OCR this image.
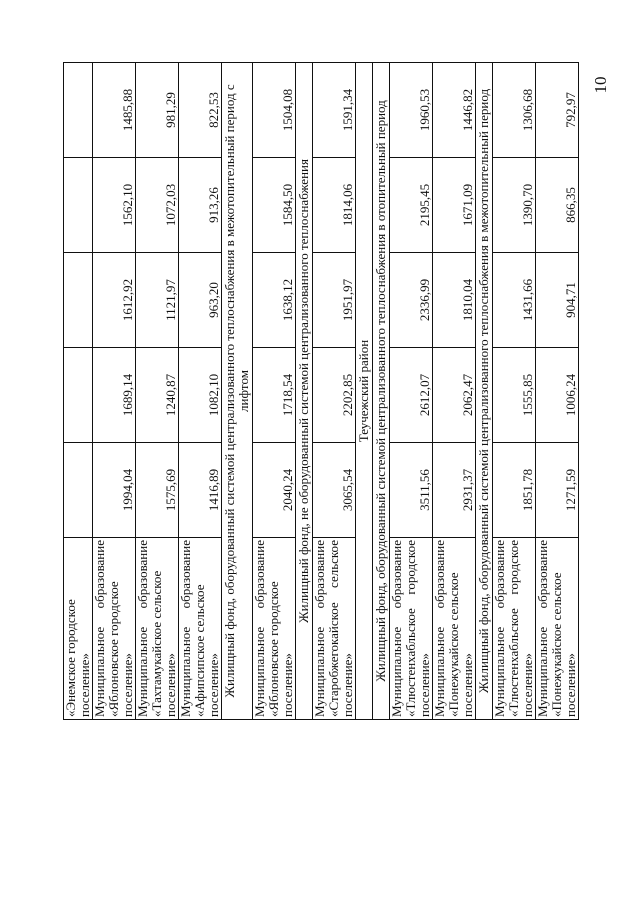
10
«Энемское городское поселение»					

Муниципальное
образование
«Яблоновское городское поселение»	1994,04	1689,14	1612,92	1562,10	1485,88

Муниципальное
образование «Тахтамукайское сельское поселение»	1575,69	1240,87	1121,97	1072,03	981,29

Муниципальное
образование
«Афипсипское сельское поселение»	1416,89	1082,10	963,20	913,26	822,53
Жилищный фонд, оборудованный системой централизованного теплоснабжения в межотопительный период с лифтом					

Муниципальное
образование
«Яблоновское городское поселение»	2040,24	1718,54	1638,12	1584,50	1504,08
Жилищный фонд, не оборудованный системой централизованного теплоснабжения					

Муниципальное
образование
«Старобжегокайское
сельское
поселение»	3065,54	2202,85	1951,97	1814,06	1591,34
Теучежский район					
Жилищный фонд, оборудованный системой централизованного теплоснабжения в отопительный период					

Муниципальное
образование
«Тлюстенхабльское
городское
поселение»	3511,56	2612,07	2336,99	2195,45	1960,53

Муниципальное
образование «Понежукайское сельское поселение»	2931,37	2062,47	1810,04	1671,09	1446,82
Жилищный фонд, оборудованный системой централизованного теплоснабжения в межотопительный период					

Муниципальное
образование
«Тлюстенхабльское
городское
поселение»	1851,78	1555,85	1431,66	1390,70	1306,68

Муниципальное
образование «Понежукайское сельское поселение»	1271,59	1006,24	904,71	866,35	792,97
